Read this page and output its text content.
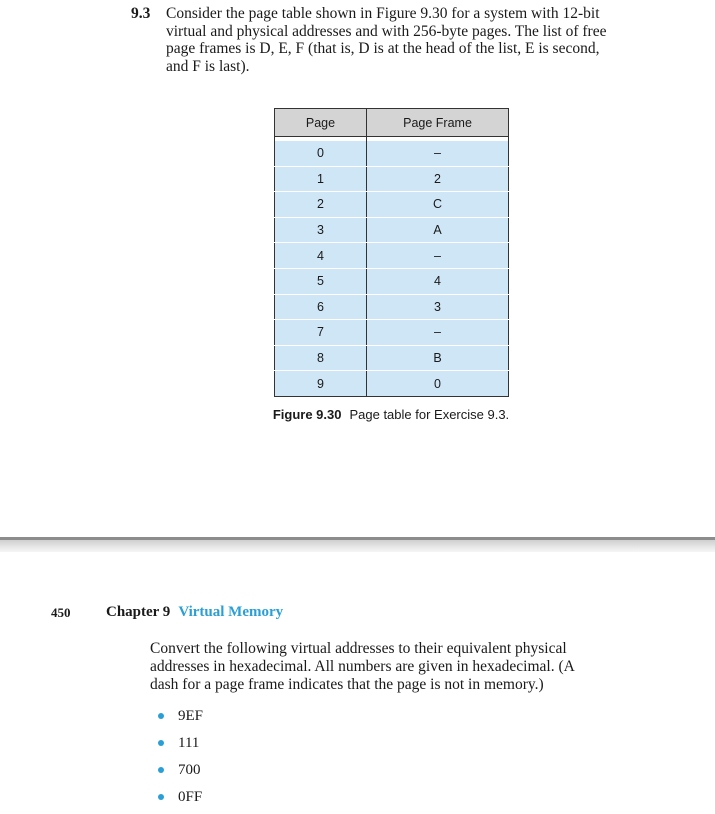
9.3 Consider the page table shown in Figure 9.30 for a system with 12-bit
virtual and physical addresses and with 256-byte pages. The list of free
page frames is D, E, F (that is, D is at the head of the list, E is second,
and F is last).
Page	Page Frame

0	–
1	2
2	C
3	A
4	–
5	4
6	3
7	–
8	B
9	0
Figure 9.30 Page table for Exercise 9.3.
450 Chapter 9 Virtual Memory
Convert the following virtual addresses to their equivalent physical
addresses in hexadecimal. All numbers are given in hexadecimal. (A
dash for a page frame indicates that the page is not in memory.)
9EF
111
700
0FF
